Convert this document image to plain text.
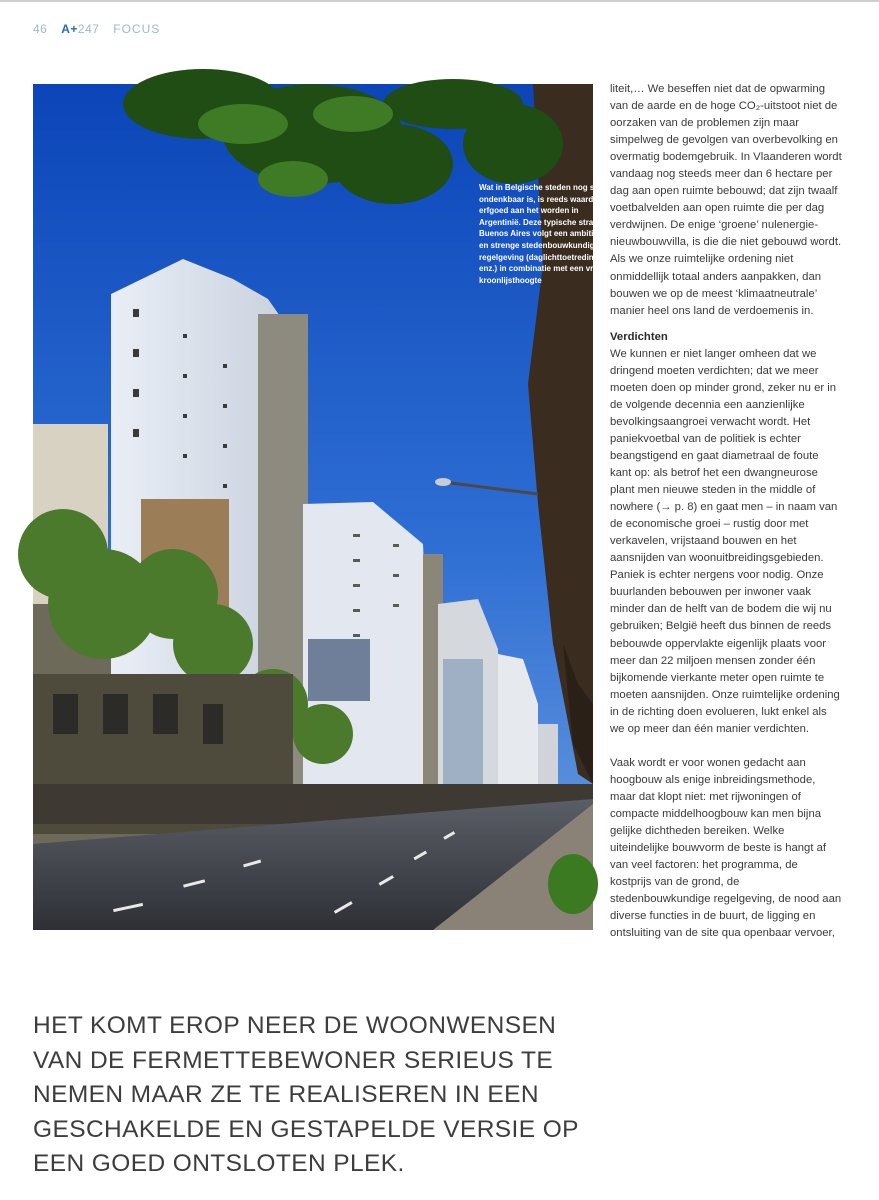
46 A+247 FOCUS
Wat in Belgische steden nog steeds ondenkbaar is, is reeds waardevol erfgoed aan het worden in Argentinië. Deze typische straat te Buenos Aires volgt een ambitieuze en strenge stedenbouwkundige regelgeving (daglichttoetreding, enz.) in combinatie met een vrije kroonlijsthoogte

liteit,… We beseffen niet dat de opwarming van de aarde en de hoge CO₂-uitstoot niet de oorzaken van de problemen zijn maar simpelweg de gevolgen van overbevolking en overmatig bodemgebruik. In Vlaanderen wordt vandaag nog steeds meer dan 6 hectare per dag aan open ruimte bebouwd; dat zijn twaalf voetbalvelden aan open ruimte die per dag verdwijnen. De enige ‘groene’ nulenergie-nieuwbouwvilla, is die die niet gebouwd wordt. Als we onze ruimtelijke ordening niet onmiddellijk totaal anders aanpakken, dan bouwen we op de meest ‘klimaatneutrale’ manier heel ons land de verdoemenis in.

Verdichten

We kunnen er niet langer omheen dat we dringend moeten verdichten; dat we meer moeten doen op minder grond, zeker nu er in de volgende decennia een aanzienlijke bevolkingsaangroei verwacht wordt. Het paniekvoetbal van de politiek is echter beangstigend en gaat diametraal de foute kant op: als betrof het een dwangneurose plant men nieuwe steden in the middle of nowhere (→ p. 8) en gaat men – in naam van de economische groei – rustig door met verkavelen, vrijstaand bouwen en het aansnijden van woonuitbreidingsgebieden.

Paniek is echter nergens voor nodig. Onze buurlanden bebouwen per inwoner vaak minder dan de helft van de bodem die wij nu gebruiken; België heeft dus binnen de reeds bebouwde oppervlakte eigenlijk plaats voor meer dan 22 miljoen mensen zonder één bijkomende vierkante meter open ruimte te moeten aansnijden. Onze ruimtelijke ordening in de richting doen evolueren, lukt enkel als we op meer dan één manier verdichten.

Vaak wordt er voor wonen gedacht aan hoogbouw als enige inbreidingsmethode, maar dat klopt niet: met rijwoningen of compacte middelhoogbouw kan men bijna gelijke dichtheden bereiken. Welke uiteindelijke bouwvorm de beste is hangt af van veel factoren: het programma, de kostprijs van de grond, de stedenbouwkundige regelgeving, de nood aan diverse functies in de buurt, de ligging en ontsluiting van de site qua openbaar vervoer,

HET KOMT EROP NEER DE WOONWENSEN VAN DE FERMETTEBEWONER SERIEUS TE NEMEN MAAR ZE TE REALISEREN IN EEN GESCHAKELDE EN GESTAPELDE VERSIE OP EEN GOED ONTSLOTEN PLEK.
